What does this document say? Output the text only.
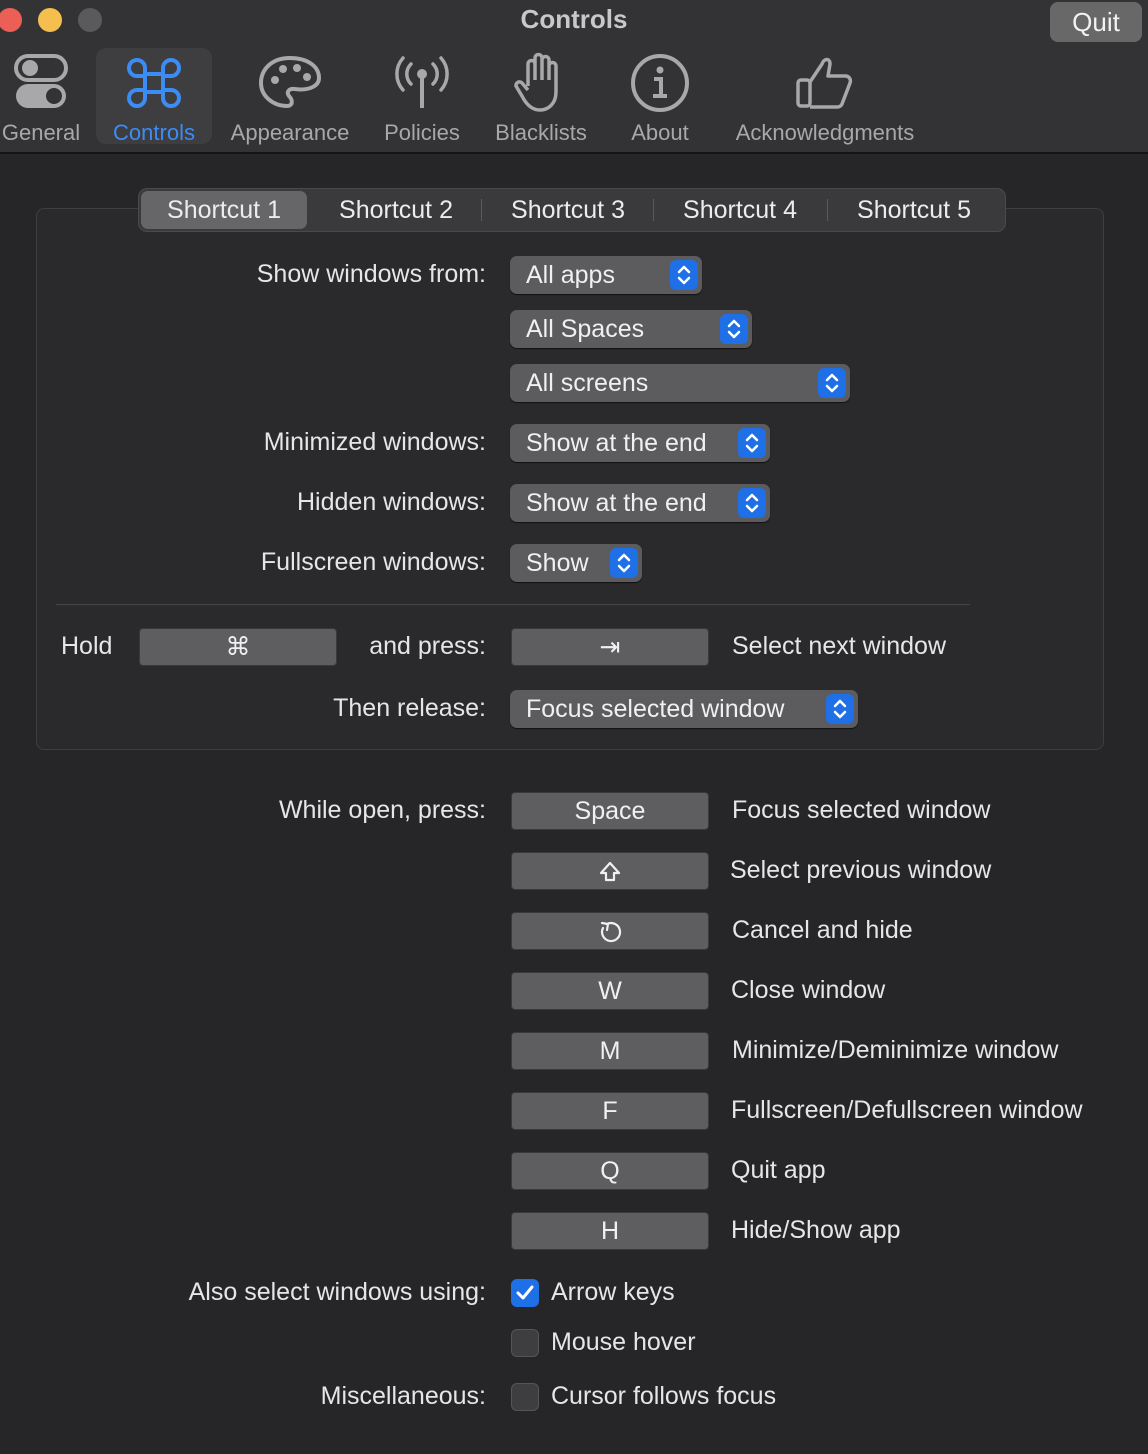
Controls	Quit
General	Controls	Appearance	Policies	Blacklists	About	Acknowledgments
Shortcut 1	Shortcut 2	Shortcut 3	Shortcut 4	Shortcut 5
Show windows from: All apps
All Spaces
All screens
Minimized windows: Show at the end
Hidden windows: Show at the end
Fullscreen windows: Show
Hold	⌘	and press:	⇥	Select next window
Then release: Focus selected window
While open, press:	Space	Focus selected window
Select previous window
Cancel and hide
W	Close window
M	Minimize/Deminimize window
F	Fullscreen/Defullscreen window
Q	Quit app
H	Hide/Show app
Also select windows using:	Arrow keys
Mouse hover
Miscellaneous:	Cursor follows focus
